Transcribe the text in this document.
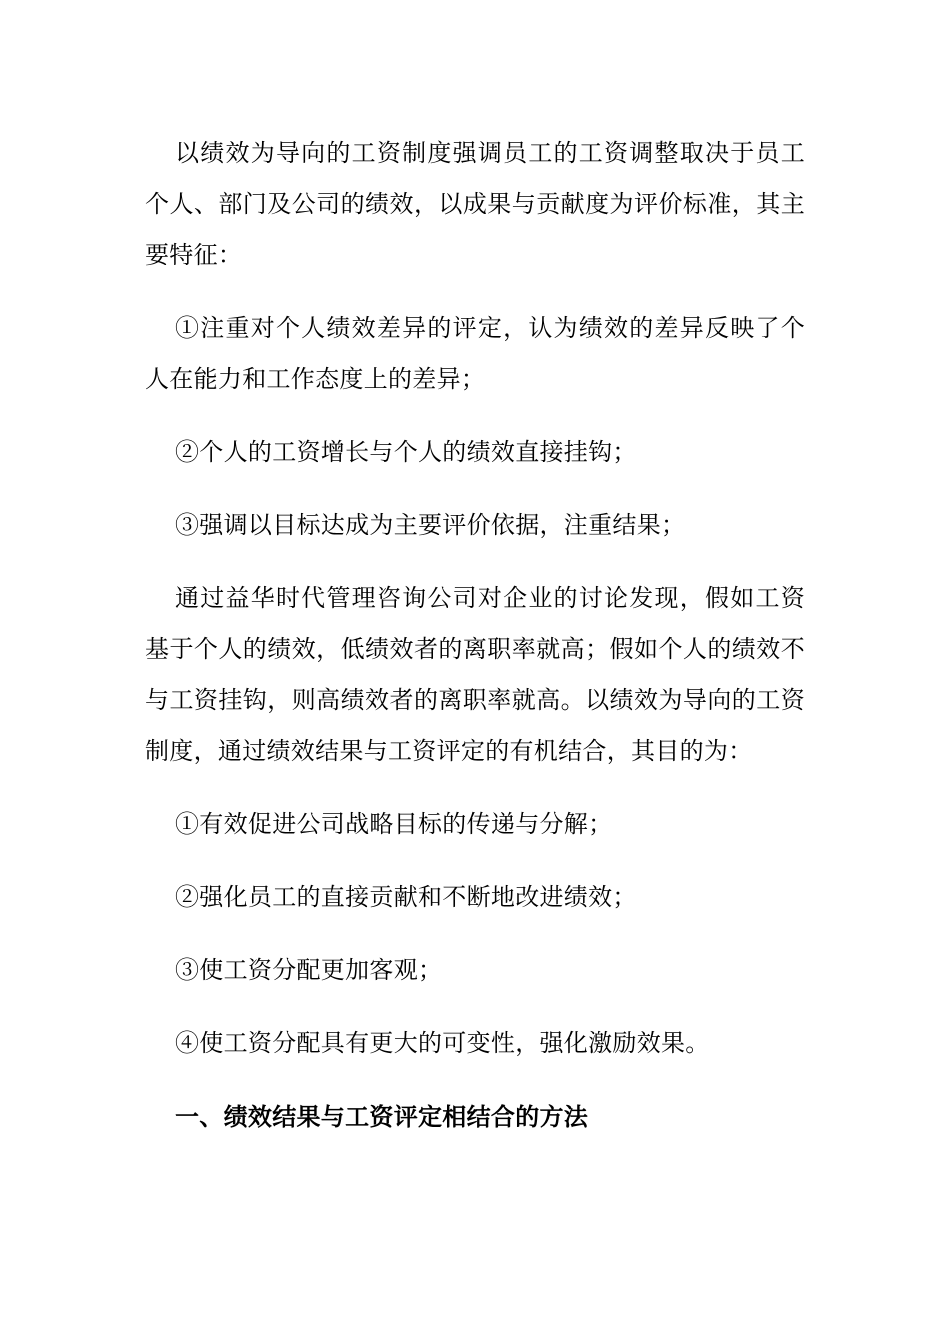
以绩效为导向的工资制度强调员工的工资调整取决于员工个人、部门及公司的绩效，以成果与贡献度为评价标准，其主要特征：

①注重对个人绩效差异的评定，认为绩效的差异反映了个人在能力和工作态度上的差异；

②个人的工资增长与个人的绩效直接挂钩；

③强调以目标达成为主要评价依据，注重结果；

通过益华时代管理咨询公司对企业的讨论发现，假如工资基于个人的绩效，低绩效者的离职率就高；假如个人的绩效不与工资挂钩，则高绩效者的离职率就高。以绩效为导向的工资制度，通过绩效结果与工资评定的有机结合，其目的为：

①有效促进公司战略目标的传递与分解；

②强化员工的直接贡献和不断地改进绩效；

③使工资分配更加客观；

④使工资分配具有更大的可变性，强化激励效果。

一、绩效结果与工资评定相结合的方法
